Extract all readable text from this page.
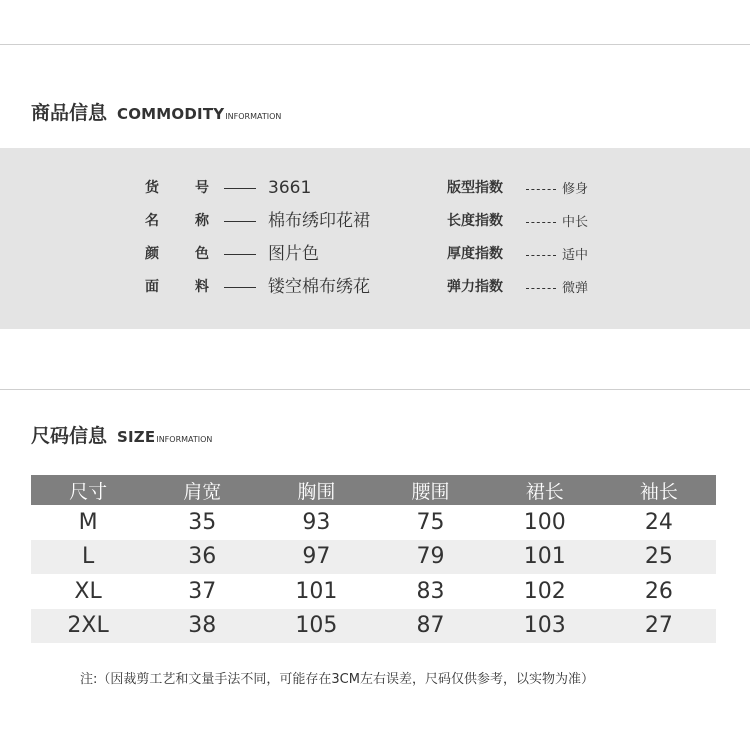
商品信息 COMMODITY INFORMATION
货	号	3661	版型指数	修身
名	称	棉布绣印花裙	长度指数	中长
颜	色	图片色	厚度指数	适中
面	料	镂空棉布绣花	弹力指数	微弹
尺码信息 SIZE INFORMATION
尺寸	肩宽	胸围	腰围	裙长	袖长
M	35	93	75	100	24
L	36	97	79	101	25
XL	37	101	83	102	26
2XL	38	105	87	103	27
注:（因裁剪工艺和文量手法不同，可能存在3CM左右误差，尺码仅供参考，以实物为准）
